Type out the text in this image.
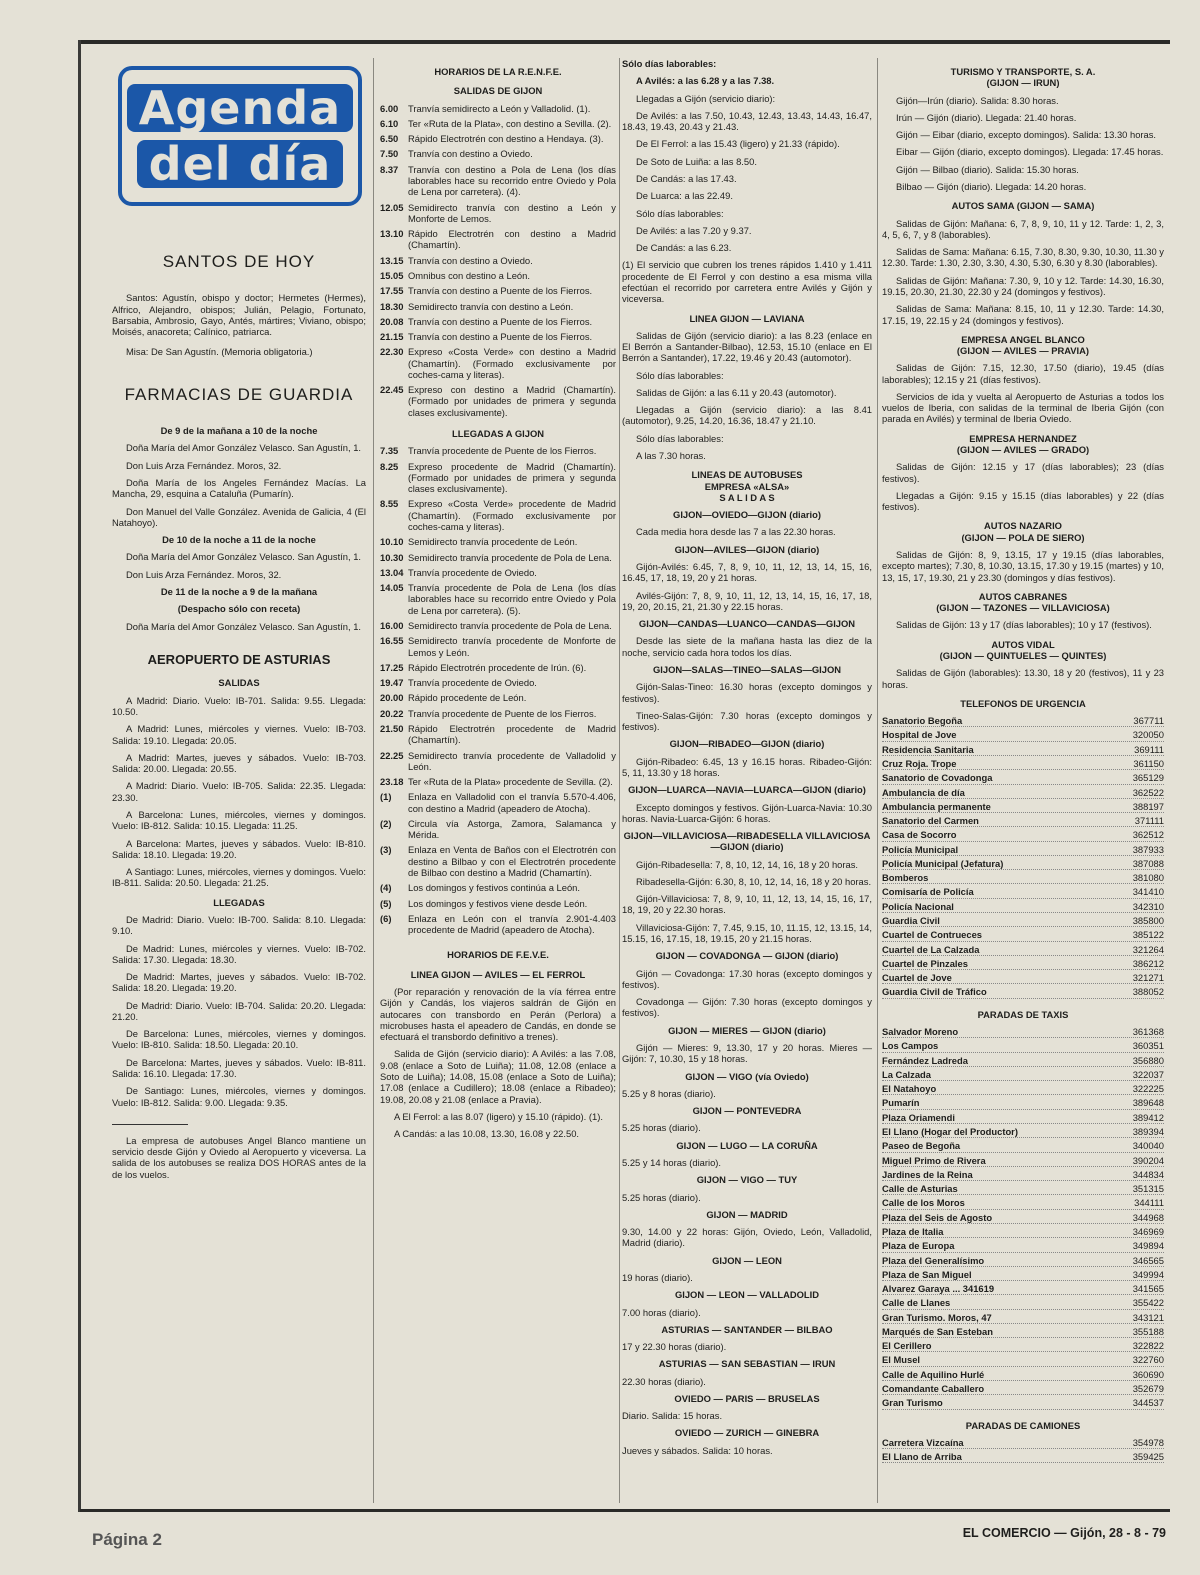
Agenda
del día
SANTOS DE HOY

Santos: Agustín, obispo y doctor; Hermetes (Hermes), Alfrico, Alejandro, obispos; Julián, Pelagio, Fortunato, Barsabia, Ambrosio, Gayo, Antés, mártires; Viviano, obispo; Moisés, anacoreta; Calínico, patriarca.

Misa: De San Agustín. (Memoria obligatoria.)

FARMACIAS DE GUARDIA

De 9 de la mañana a 10 de la noche

Doña María del Amor González Velasco. San Agustín, 1.

Don Luis Arza Fernández. Moros, 32.

Doña María de los Angeles Fernández Macías. La Mancha, 29, esquina a Cataluña (Pumarín).

Don Manuel del Valle González. Avenida de Galicia, 4 (El Natahoyo).

De 10 de la noche a 11 de la noche

Doña María del Amor González Velasco. San Agustín, 1.

Don Luis Arza Fernández. Moros, 32.

De 11 de la noche a 9 de la mañana

(Despacho sólo con receta)

Doña María del Amor González Velasco. San Agustín, 1.

AEROPUERTO DE ASTURIAS
SALIDAS

A Madrid: Diario. Vuelo: IB-701. Salida: 9.55. Llegada: 10.50.

A Madrid: Lunes, miércoles y viernes. Vuelo: IB-703. Salida: 19.10. Llegada: 20.05.

A Madrid: Martes, jueves y sábados. Vuelo: IB-703. Salida: 20.00. Llegada: 20.55.

A Madrid: Diario. Vuelo: IB-705. Salida: 22.35. Llegada: 23.30.

A Barcelona: Lunes, miércoles, viernes y domingos. Vuelo: IB-812. Salida: 10.15. Llegada: 11.25.

A Barcelona: Martes, jueves y sábados. Vuelo: IB-810. Salida: 18.10. Llegada: 19.20.

A Santiago: Lunes, miércoles, viernes y domingos. Vuelo: IB-811. Salida: 20.50. Llegada: 21.25.

LLEGADAS

De Madrid: Diario. Vuelo: IB-700. Salida: 8.10. Llegada: 9.10.

De Madrid: Lunes, miércoles y viernes. Vuelo: IB-702. Salida: 17.30. Llegada: 18.30.

De Madrid: Martes, jueves y sábados. Vuelo: IB-702. Salida: 18.20. Llegada: 19.20.

De Madrid: Diario. Vuelo: IB-704. Salida: 20.20. Llegada: 21.20.

De Barcelona: Lunes, miércoles, viernes y domingos. Vuelo: IB-810. Salida: 18.50. Llegada: 20.10.

De Barcelona: Martes, jueves y sábados. Vuelo: IB-811. Salida: 16.10. Llegada: 17.30.

De Santiago: Lunes, miércoles, viernes y domingos. Vuelo: IB-812. Salida: 9.00. Llegada: 9.35.

La empresa de autobuses Angel Blanco mantiene un servicio desde Gijón y Oviedo al Aeropuerto y viceversa. La salida de los autobuses se realiza DOS HORAS antes de la de los vuelos.

HORARIOS DE LA R.E.N.F.E.
SALIDAS DE GIJON
6.00	Tranvía semidirecto a León y Valladolid. (1).
6.10	Ter «Ruta de la Plata», con destino a Sevilla. (2).
6.50	Rápido Electrotrén con destino a Hendaya. (3).
7.50	Tranvía con destino a Oviedo.
8.37	Tranvía con destino a Pola de Lena (los días laborables hace su recorrido entre Oviedo y Pola de Lena por carretera). (4).
12.05 Semidirecto tranvía con destino a León y Monforte de Lemos.
13.10 Rápido Electrotrén con destino a Madrid (Chamartín).
13.15 Tranvía con destino a Oviedo.
15.05 Omnibus con destino a León.
17.55 Tranvía con destino a Puente de los Fierros.
18.30 Semidirecto tranvía con destino a León.
20.08 Tranvía con destino a Puente de los Fierros.
21.15 Tranvía con destino a Puente de los Fierros.
22.30 Expreso «Costa Verde» con destino a Madrid (Chamartín). (Formado exclusivamente por coches-cama y literas).
22.45 Expreso con destino a Madrid (Chamartín). (Formado por unidades de primera y segunda clases exclusivamente).
LLEGADAS A GIJON
7.35	Tranvía procedente de Puente de los Fierros.
8.25	Expreso procedente de Madrid (Chamartín). (Formado por unidades de primera y segunda clases exclusivamente).
8.55	Expreso «Costa Verde» procedente de Madrid (Chamartín). (Formado exclusivamente por coches-cama y literas).
10.10 Semidirecto tranvía procedente de León.
10.30 Semidirecto tranvía procedente de Pola de Lena.
13.04 Tranvía procedente de Oviedo.
14.05 Tranvía procedente de Pola de Lena (los días laborables hace su recorrido entre Oviedo y Pola de Lena por carretera). (5).
16.00 Semidirecto tranvía procedente de Pola de Lena.
16.55 Semidirecto tranvía procedente de Monforte de Lemos y León.
17.25 Rápido Electrotrén procedente de Irún. (6).
19.47 Tranvía procedente de Oviedo.
20.00 Rápido procedente de León.
20.22 Tranvía procedente de Puente de los Fierros.
21.50 Rápido Electrotrén procedente de Madrid (Chamartín).
22.25 Semidirecto tranvía procedente de Valladolid y León.
23.18 Ter «Ruta de la Plata» procedente de Sevilla. (2).
(1)	Enlaza en Valladolid con el tranvía 5.570-4.406, con destino a Madrid (apeadero de Atocha).
(2)	Circula vía Astorga, Zamora, Salamanca y Mérida.
(3)	Enlaza en Venta de Baños con el Electrotrén con destino a Bilbao y con el Electrotrén procedente de Bilbao con destino a Madrid (Chamartín).
(4)	Los domingos y festivos continúa a León.
(5)	Los domingos y festivos viene desde León.
(6)	Enlaza en León con el tranvía 2.901-4.403 procedente de Madrid (apeadero de Atocha).
HORARIOS DE F.E.V.E.
LINEA GIJON — AVILES — EL FERROL

(Por reparación y renovación de la vía férrea entre Gijón y Candás, los viajeros saldrán de Gijón en autocares con transbordo en Perán (Perlora) a microbuses hasta el apeadero de Candás, en donde se efectuará el transbordo definitivo a trenes).

Salida de Gijón (servicio diario): A Avilés: a las 7.08, 9.08 (enlace a Soto de Luiña); 11.08, 12.08 (enlace a Soto de Luiña); 14.08, 15.08 (enlace a Soto de Luiña); 17.08 (enlace a Cudillero); 18.08 (enlace a Ribadeo); 19.08, 20.08 y 21.08 (enlace a Pravia).

A El Ferrol: a las 8.07 (ligero) y 15.10 (rápido). (1).

A Candás: a las 10.08, 13.30, 16.08 y 22.50.

Sólo días laborables:

A Avilés: a las 6.28 y a las 7.38.

Llegadas a Gijón (servicio diario):

De Avilés: a las 7.50, 10.43, 12.43, 13.43, 14.43, 16.47, 18.43, 19.43, 20.43 y 21.43.

De El Ferrol: a las 15.43 (ligero) y 21.33 (rápido).

De Soto de Luiña: a las 8.50.

De Candás: a las 17.43.

De Luarca: a las 22.49.

Sólo días laborables:

De Avilés: a las 7.20 y 9.37.

De Candás: a las 6.23.

(1) El servicio que cubren los trenes rápidos 1.410 y 1.411 procedente de El Ferrol y con destino a esa misma villa efectúan el recorrido por carretera entre Avilés y Gijón y viceversa.

LINEA GIJON — LAVIANA

Salidas de Gijón (servicio diario): a las 8.23 (enlace en El Berrón a Santander-Bilbao), 12.53, 15.10 (enlace en El Berrón a Santander), 17.22, 19.46 y 20.43 (automotor).

Sólo días laborables:

Salidas de Gijón: a las 6.11 y 20.43 (automotor).

Llegadas a Gijón (servicio diario): a las 8.41 (automotor), 9.25, 14.20, 16.36, 18.47 y 21.10.

Sólo días laborables:

A las 7.30 horas.

LINEAS DE AUTOBUSES
EMPRESA «ALSA»
S A L I D A S
GIJON—OVIEDO—GIJON (diario)

Cada media hora desde las 7 a las 22.30 horas.

GIJON—AVILES—GIJON (diario)

Gijón-Avilés: 6.45, 7, 8, 9, 10, 11, 12, 13, 14, 15, 16, 16.45, 17, 18, 19, 20 y 21 horas.

Avilés-Gijón: 7, 8, 9, 10, 11, 12, 13, 14, 15, 16, 17, 18, 19, 20, 20.15, 21, 21.30 y 22.15 horas.

GIJON—CANDAS—LUANCO—CANDAS—GIJON

Desde las siete de la mañana hasta las diez de la noche, servicio cada hora todos los días.

GIJON—SALAS—TINEO—SALAS—GIJON

Gijón-Salas-Tineo: 16.30 horas (excepto domingos y festivos).

Tineo-Salas-Gijón: 7.30 horas (excepto domingos y festivos).

GIJON—RIBADEO—GIJON (diario)

Gijón-Ribadeo: 6.45, 13 y 16.15 horas. Ribadeo-Gijón: 5, 11, 13.30 y 18 horas.

GIJON—LUARCA—NAVIA—LUARCA—GIJON (diario)

Excepto domingos y festivos. Gijón-Luarca-Navia: 10.30 horas. Navia-Luarca-Gijón: 6 horas.

GIJON—VILLAVICIOSA—RIBADESELLA VILLAVICIOSA—GIJON (diario)

Gijón-Ribadesella: 7, 8, 10, 12, 14, 16, 18 y 20 horas.

Ribadesella-Gijón: 6.30, 8, 10, 12, 14, 16, 18 y 20 horas.

Gijón-Villaviciosa: 7, 8, 9, 10, 11, 12, 13, 14, 15, 16, 17, 18, 19, 20 y 22.30 horas.

Villaviciosa-Gijón: 7, 7.45, 9.15, 10, 11.15, 12, 13.15, 14, 15.15, 16, 17.15, 18, 19.15, 20 y 21.15 horas.

GIJON — COVADONGA — GIJON (diario)

Gijón — Covadonga: 17.30 horas (excepto domingos y festivos).

Covadonga — Gijón: 7.30 horas (excepto domingos y festivos).

GIJON — MIERES — GIJON (diario)

Gijón — Mieres: 9, 13.30, 17 y 20 horas. Mieres — Gijón: 7, 10.30, 15 y 18 horas.

GIJON — VIGO (vía Oviedo)

5.25 y 8 horas (diario).

GIJON — PONTEVEDRA

5.25 horas (diario).

GIJON — LUGO — LA CORUÑA

5.25 y 14 horas (diario).

GIJON — VIGO — TUY

5.25 horas (diario).

GIJON — MADRID

9.30, 14.00 y 22 horas: Gijón, Oviedo, León, Valladolid, Madrid (diario).

GIJON — LEON

19 horas (diario).

GIJON — LEON — VALLADOLID

7.00 horas (diario).

ASTURIAS — SANTANDER — BILBAO

17 y 22.30 horas (diario).

ASTURIAS — SAN SEBASTIAN — IRUN

22.30 horas (diario).

OVIEDO — PARIS — BRUSELAS

Diario. Salida: 15 horas.

OVIEDO — ZURICH — GINEBRA

Jueves y sábados. Salida: 10 horas.

TURISMO Y TRANSPORTE, S. A.
(GIJON — IRUN)

Gijón—Irún (diario). Salida: 8.30 horas.

Irún — Gijón (diario). Llegada: 21.40 horas.

Gijón — Eibar (diario, excepto domingos). Salida: 13.30 horas.

Eibar — Gijón (diario, excepto domingos). Llegada: 17.45 horas.

Gijón — Bilbao (diario). Salida: 15.30 horas.

Bilbao — Gijón (diario). Llegada: 14.20 horas.

AUTOS SAMA (GIJON — SAMA)

Salidas de Gijón: Mañana: 6, 7, 8, 9, 10, 11 y 12. Tarde: 1, 2, 3, 4, 5, 6, 7, y 8 (laborables).

Salidas de Sama: Mañana: 6.15, 7.30, 8.30, 9.30, 10.30, 11.30 y 12.30. Tarde: 1.30, 2.30, 3.30, 4.30, 5.30, 6.30 y 8.30 (laborables).

Salidas de Gijón: Mañana: 7.30, 9, 10 y 12. Tarde: 14.30, 16.30, 19.15, 20.30, 21.30, 22.30 y 24 (domingos y festivos).

Salidas de Sama: Mañana: 8.15, 10, 11 y 12.30. Tarde: 14.30, 17.15, 19, 22.15 y 24 (domingos y festivos).

EMPRESA ANGEL BLANCO
(GIJON — AVILES — PRAVIA)

Salidas de Gijón: 7.15, 12.30, 17.50 (diario), 19.45 (días laborables); 12.15 y 21 (días festivos).

Servicios de ida y vuelta al Aeropuerto de Asturias a todos los vuelos de Iberia, con salidas de la terminal de Iberia Gijón (con parada en Avilés) y terminal de Iberia Oviedo.

EMPRESA HERNANDEZ
(GIJON — AVILES — GRADO)

Salidas de Gijón: 12.15 y 17 (días laborables); 23 (días festivos).

Llegadas a Gijón: 9.15 y 15.15 (días laborables) y 22 (días festivos).

AUTOS NAZARIO
(GIJON — POLA DE SIERO)

Salidas de Gijón: 8, 9, 13.15, 17 y 19.15 (días laborables, excepto martes); 7.30, 8, 10.30, 13.15, 17.30 y 19.15 (martes) y 10, 13, 15, 17, 19.30, 21 y 23.30 (domingos y días festivos).

AUTOS CABRANES
(GIJON — TAZONES — VILLAVICIOSA)

Salidas de Gijón: 13 y 17 (días laborables); 10 y 17 (festivos).

AUTOS VIDAL
(GIJON — QUINTUELES — QUINTES)

Salidas de Gijón (laborables): 13.30, 18 y 20 (festivos), 11 y 23 horas.

TELEFONOS DE URGENCIA
Sanatorio Begoña	367711
Hospital de Jove	320050
Residencia Sanitaria	369111
Cruz Roja. Trope	361150
Sanatorio de Covadonga	365129
Ambulancia de día	362522
Ambulancia permanente	388197
Sanatorio del Carmen	371111
Casa de Socorro	362512
Policía Municipal	387933
Policía Municipal (Jefatura)	387088
Bomberos	381080
Comisaría de Policía	341410
Policía Nacional	342310
Guardia Civil	385800
Cuartel de Contrueces	385122
Cuartel de La Calzada	321264
Cuartel de Pinzales	386212
Cuartel de Jove	321271
Guardia Civil de Tráfico	388052
PARADAS DE TAXIS
Salvador Moreno	361368
Los Campos	360351
Fernández Ladreda	356880
La Calzada	322037
El Natahoyo	322225
Pumarín	389648
Plaza Oriamendi	389412
El Llano (Hogar del Productor)	389394
Paseo de Begoña	340040
Miguel Primo de Rivera	390204
Jardines de la Reina	344834
Calle de Asturias	351315
Calle de los Moros	344111
Plaza del Seis de Agosto	344968
Plaza de Italia	346969
Plaza de Europa	349894
Plaza del Generalísimo	346565
Plaza de San Miguel	349994
Alvarez Garaya ... 341619	341565
Calle de Llanes	355422
Gran Turismo. Moros, 47	343121
Marqués de San Esteban	355188
El Cerillero	322822
El Musel	322760
Calle de Aquilino Hurlé	360690
Comandante Caballero	352679
Gran Turismo	344537
PARADAS DE CAMIONES
Carretera Vizcaína	354978
El Llano de Arriba	359425
Página 2	EL COMERCIO — Gijón, 28 - 8 - 79
